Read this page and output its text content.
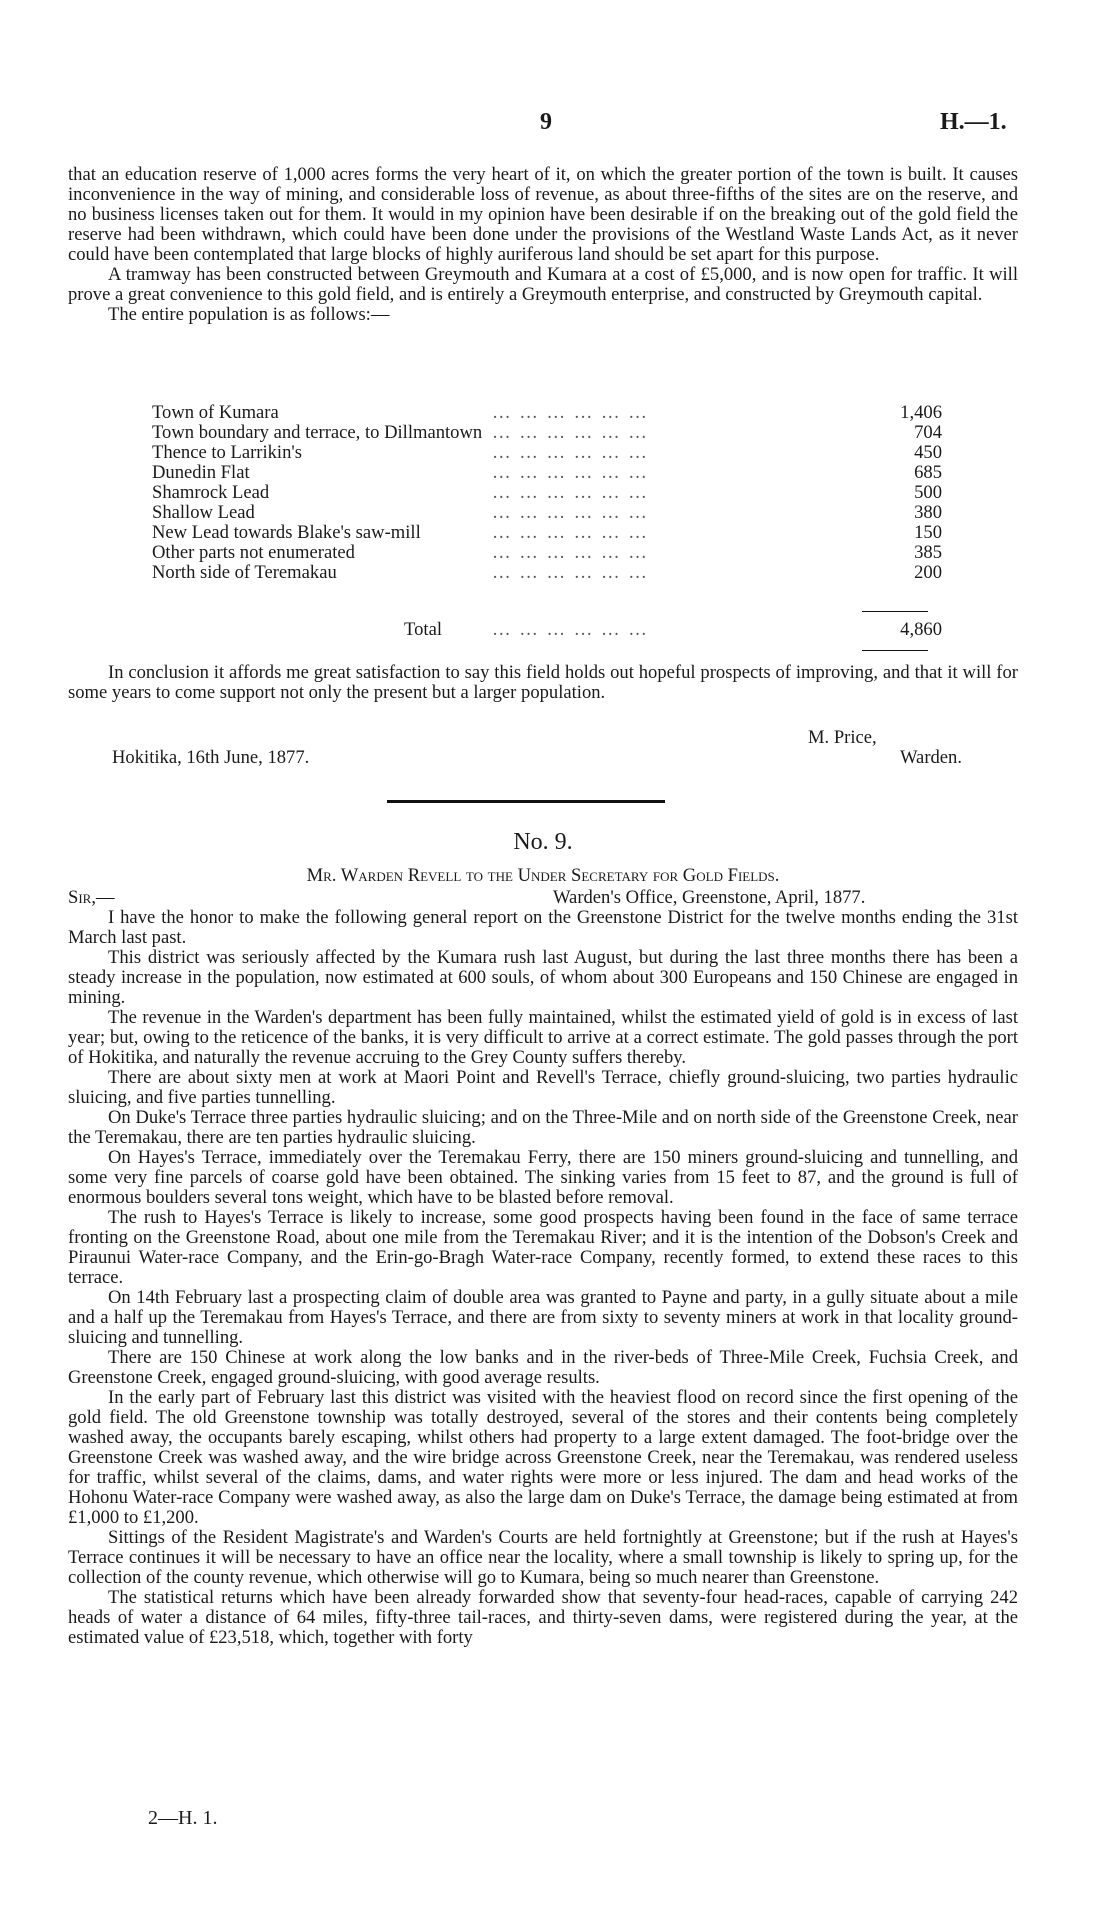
9	H.—1.

that an education reserve of 1,000 acres forms the very heart of it, on which the greater portion of the town is built. It causes inconvenience in the way of mining, and considerable loss of revenue, as about three-fifths of the sites are on the reserve, and no business licenses taken out for them. It would in my opinion have been desirable if on the breaking out of the gold field the reserve had been withdrawn, which could have been done under the provisions of the Westland Waste Lands Act, as it never could have been contemplated that large blocks of highly auriferous land should be set apart for this purpose.

A tramway has been constructed between Greymouth and Kumara at a cost of £5,000, and is now open for traffic. It will prove a great convenience to this gold field, and is entirely a Greymouth enterprise, and constructed by Greymouth capital.

The entire population is as follows:—

Town of Kumara	… … … … … …	1,406
Town boundary and terrace, to Dillmantown	… … … … … …	704
Thence to Larrikin's	… … … … … …	450
Dunedin Flat	… … … … … …	685
Shamrock Lead	… … … … … …	500
Shallow Lead	… … … … … …	380
New Lead towards Blake's saw-mill	… … … … … …	150
Other parts not enumerated	… … … … … …	385
North side of Teremakau	… … … … … …	200
Total	… … … … … …	4,860

In conclusion it affords me great satisfaction to say this field holds out hopeful prospects of improving, and that it will for some years to come support not only the present but a larger population.

M. Price,
Hokitika, 16th June, 1877.	Warden.
No. 9.
Mr. Warden Revell to the Under Secretary for Gold Fields.
Sir,—	Warden's Office, Greenstone, April, 1877.

I have the honor to make the following general report on the Greenstone District for the twelve months ending the 31st March last past.

This district was seriously affected by the Kumara rush last August, but during the last three months there has been a steady increase in the population, now estimated at 600 souls, of whom about 300 Europeans and 150 Chinese are engaged in mining.

The revenue in the Warden's department has been fully maintained, whilst the estimated yield of gold is in excess of last year; but, owing to the reticence of the banks, it is very difficult to arrive at a correct estimate. The gold passes through the port of Hokitika, and naturally the revenue accruing to the Grey County suffers thereby.

There are about sixty men at work at Maori Point and Revell's Terrace, chiefly ground-sluicing, two parties hydraulic sluicing, and five parties tunnelling.

On Duke's Terrace three parties hydraulic sluicing; and on the Three-Mile and on north side of the Greenstone Creek, near the Teremakau, there are ten parties hydraulic sluicing.

On Hayes's Terrace, immediately over the Teremakau Ferry, there are 150 miners ground-sluicing and tunnelling, and some very fine parcels of coarse gold have been obtained. The sinking varies from 15 feet to 87, and the ground is full of enormous boulders several tons weight, which have to be blasted before removal.

The rush to Hayes's Terrace is likely to increase, some good prospects having been found in the face of same terrace fronting on the Greenstone Road, about one mile from the Teremakau River; and it is the intention of the Dobson's Creek and Piraunui Water-race Company, and the Erin-go-Bragh Water-race Company, recently formed, to extend these races to this terrace.

On 14th February last a prospecting claim of double area was granted to Payne and party, in a gully situate about a mile and a half up the Teremakau from Hayes's Terrace, and there are from sixty to seventy miners at work in that locality ground-sluicing and tunnelling.

There are 150 Chinese at work along the low banks and in the river-beds of Three-Mile Creek, Fuchsia Creek, and Greenstone Creek, engaged ground-sluicing, with good average results.

In the early part of February last this district was visited with the heaviest flood on record since the first opening of the gold field. The old Greenstone township was totally destroyed, several of the stores and their contents being completely washed away, the occupants barely escaping, whilst others had property to a large extent damaged. The foot-bridge over the Greenstone Creek was washed away, and the wire bridge across Greenstone Creek, near the Teremakau, was rendered useless for traffic, whilst several of the claims, dams, and water rights were more or less injured. The dam and head works of the Hohonu Water-race Company were washed away, as also the large dam on Duke's Terrace, the damage being estimated at from £1,000 to £1,200.

Sittings of the Resident Magistrate's and Warden's Courts are held fortnightly at Greenstone; but if the rush at Hayes's Terrace continues it will be necessary to have an office near the locality, where a small township is likely to spring up, for the collection of the county revenue, which otherwise will go to Kumara, being so much nearer than Greenstone.

The statistical returns which have been already forwarded show that seventy-four head-races, capable of carrying 242 heads of water a distance of 64 miles, fifty-three tail-races, and thirty-seven dams, were registered during the year, at the estimated value of £23,518, which, together with forty

2—H. 1.
